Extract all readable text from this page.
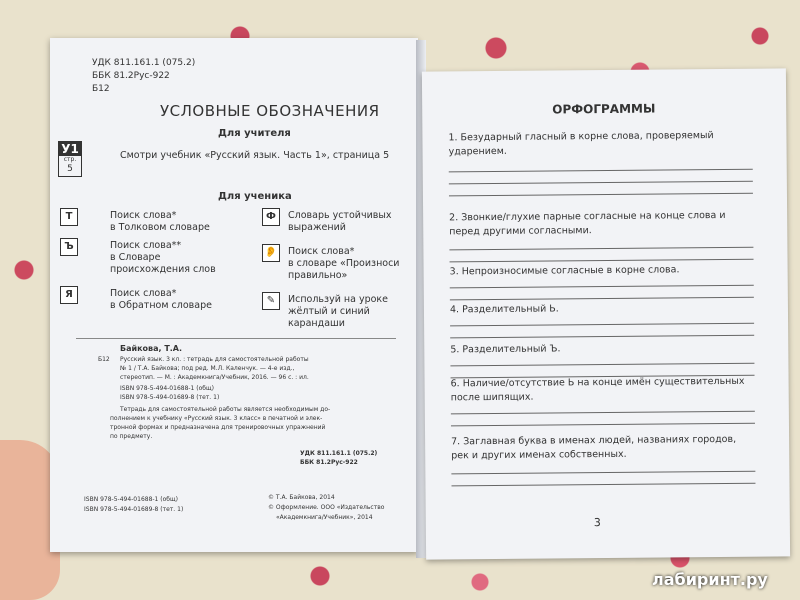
УДК 811.161.1 (075.2)
ББК 81.2Рус-922
Б12
УСЛОВНЫЕ ОБОЗНАЧЕНИЯ
Для учителя
У1
стр.
5
Смотри учебник «Русский язык. Часть 1», страница 5
Для ученика
Т	Поиск слова*
в Толковом словаре
Ъ	Поиск слова**
в Словаре
происхождения слов
Я	Поиск слова*
в Обратном словаре
Ф	Словарь устойчивых
выражений
👂 Поиск слова*
в словаре «Произноси
правильно»
✎	Используй на уроке
жёлтый и синий
карандаши
Байкова, Т.А.
Б12 Русский язык. 3 кл. : тетрадь для самостоятельной работы
№ 1 / Т.А. Байкова; под ред. М.Л. Каленчук. — 4-е изд.,
стереотип. — М. : Академкнига/Учебник, 2016. — 96 с. : ил.
ISBN 978-5-494-01688-1 (общ)
ISBN 978-5-494-01689-8 (тет. 1)
Тетрадь для самостоятельной работы является необходимым до-
полнением к учебнику «Русский язык. 3 класс» в печатной и элек-
тронной формах и предназначена для тренировочных упражнений
по предмету.
УДК 811.161.1 (075.2)
ББК 81.2Рус-922
ISBN 978-5-494-01688-1 (общ)
ISBN 978-5-494-01689-8 (тет. 1)
© Т.А. Байкова, 2014
© Оформление. ООО «Издательство
«Академкнига/Учебник», 2014
ОРФОГРАММЫ
1. Безударный гласный в корне слова, проверяемый ударением.
2. Звонкие/глухие парные согласные на конце слова и перед другими согласными.
3. Непроизносимые согласные в корне слова.
4. Разделительный Ь.
5. Разделительный Ъ.
6. Наличие/отсутствие Ь на конце имён существительных после шипящих.
7. Заглавная буква в именах людей, названиях городов, рек и других именах собственных.
3
лабиринт.ру
